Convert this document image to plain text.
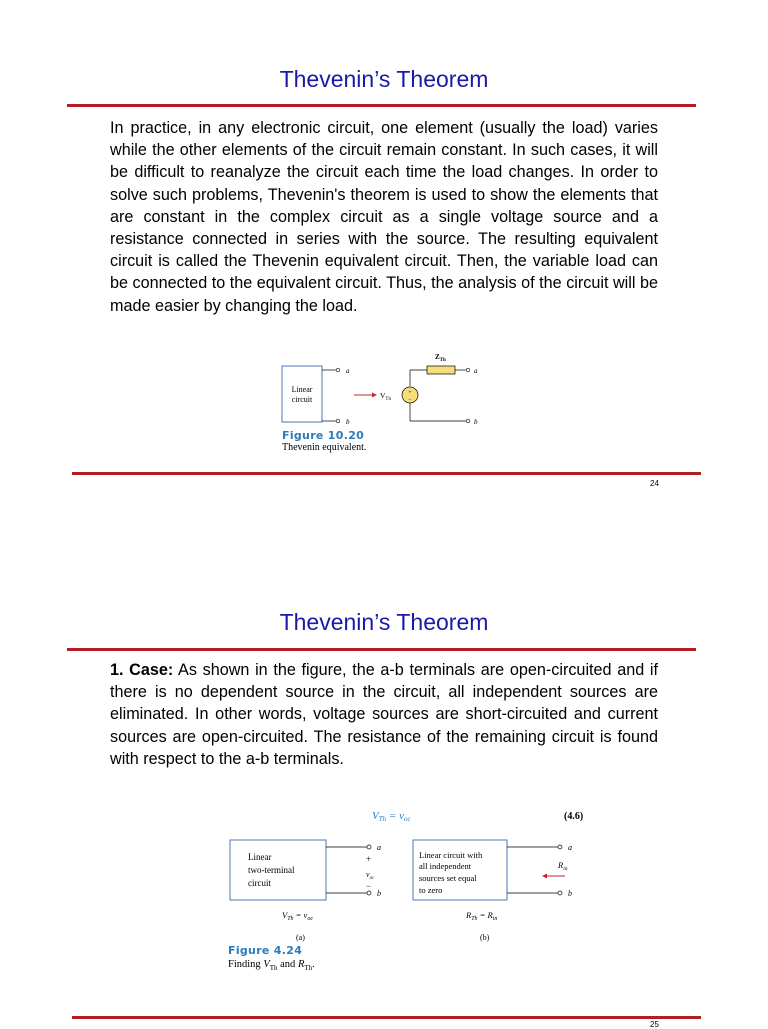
Thevenin’s Theorem
In practice, in any electronic circuit, one element (usually the load) varies while the other elements of the circuit remain constant. In such cases, it will be difficult to reanalyze the circuit each time the load changes. In order to solve such problems, Thevenin's theorem is used to show the elements that are constant in the complex circuit as a single voltage source and a resistance connected in series with the source. The resulting equivalent circuit is called the Thevenin equivalent circuit. Then, the variable load can be connected to the equivalent circuit. Thus, the analysis of the circuit will be made easier by changing the load.
Linear
circuit
a
b
$V_{Th}$
+
−
$Z_{Th}$
a
b
Figure 10.20
Thevenin equivalent.
24
Thevenin’s Theorem
1. Case: As shown in the figure, the a-b terminals are open-circuited and if there is no dependent source in the circuit, all independent sources are eliminated. In other words, voltage sources are short-circuited and current sources are open-circuited. The resistance of the remaining circuit is found with respect to the a-b terminals.
VTh = voc	(4.6)
Linear
two-terminal
circuit
a
b
+
$v_{oc}$
−
$V_{Th} = v_{oc}$
(a)
Linear circuit with
all independent
sources set equal
to zero
a
b
$R_{in}$
$R_{Th} = R_{in}$
(b)
Figure 4.24
Finding $V_{Th}$ and $R_{Th}$.
25
